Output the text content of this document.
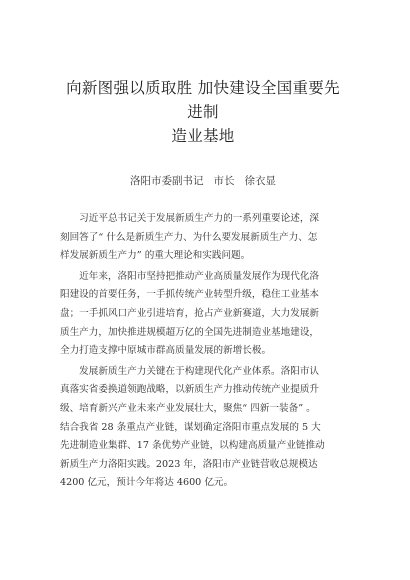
向新图强以质取胜 加快建设全国重要先进制
造业基地
洛阳市委副书记 市长 徐衣显

　　习近平总书记关于发展新质生产力的一系列重要论述，深
刻回答了“ 什么是新质生产力、为什么要发展新质生产力、怎
样发展新质生产力” 的重大理论和实践问题。

　　近年来，洛阳市坚持把推动产业高质量发展作为现代化洛
阳建设的首要任务，一手抓传统产业转型升级，稳住工业基本
盘；一手抓风口产业引进培育，抢占产业新赛道，大力发展新
质生产力，加快推进规模超万亿的全国先进制造业基地建设，
全力打造支撑中原城市群高质量发展的新增长极。

　　发展新质生产力关键在于构建现代化产业体系。洛阳市认
真落实省委换道领跑战略，以新质生产力推动传统产业提质升
级、培育新兴产业未来产业发展壮大，聚焦“ 四新一装备” 。
结合我省 28 条重点产业链，谋划确定洛阳市重点发展的 5 大
先进制造业集群、17 条优势产业链，以构建高质量产业链推动
新质生产力洛阳实践。2023 年，洛阳市产业链营收总规模达
4200 亿元，预计今年将达 4600 亿元。
